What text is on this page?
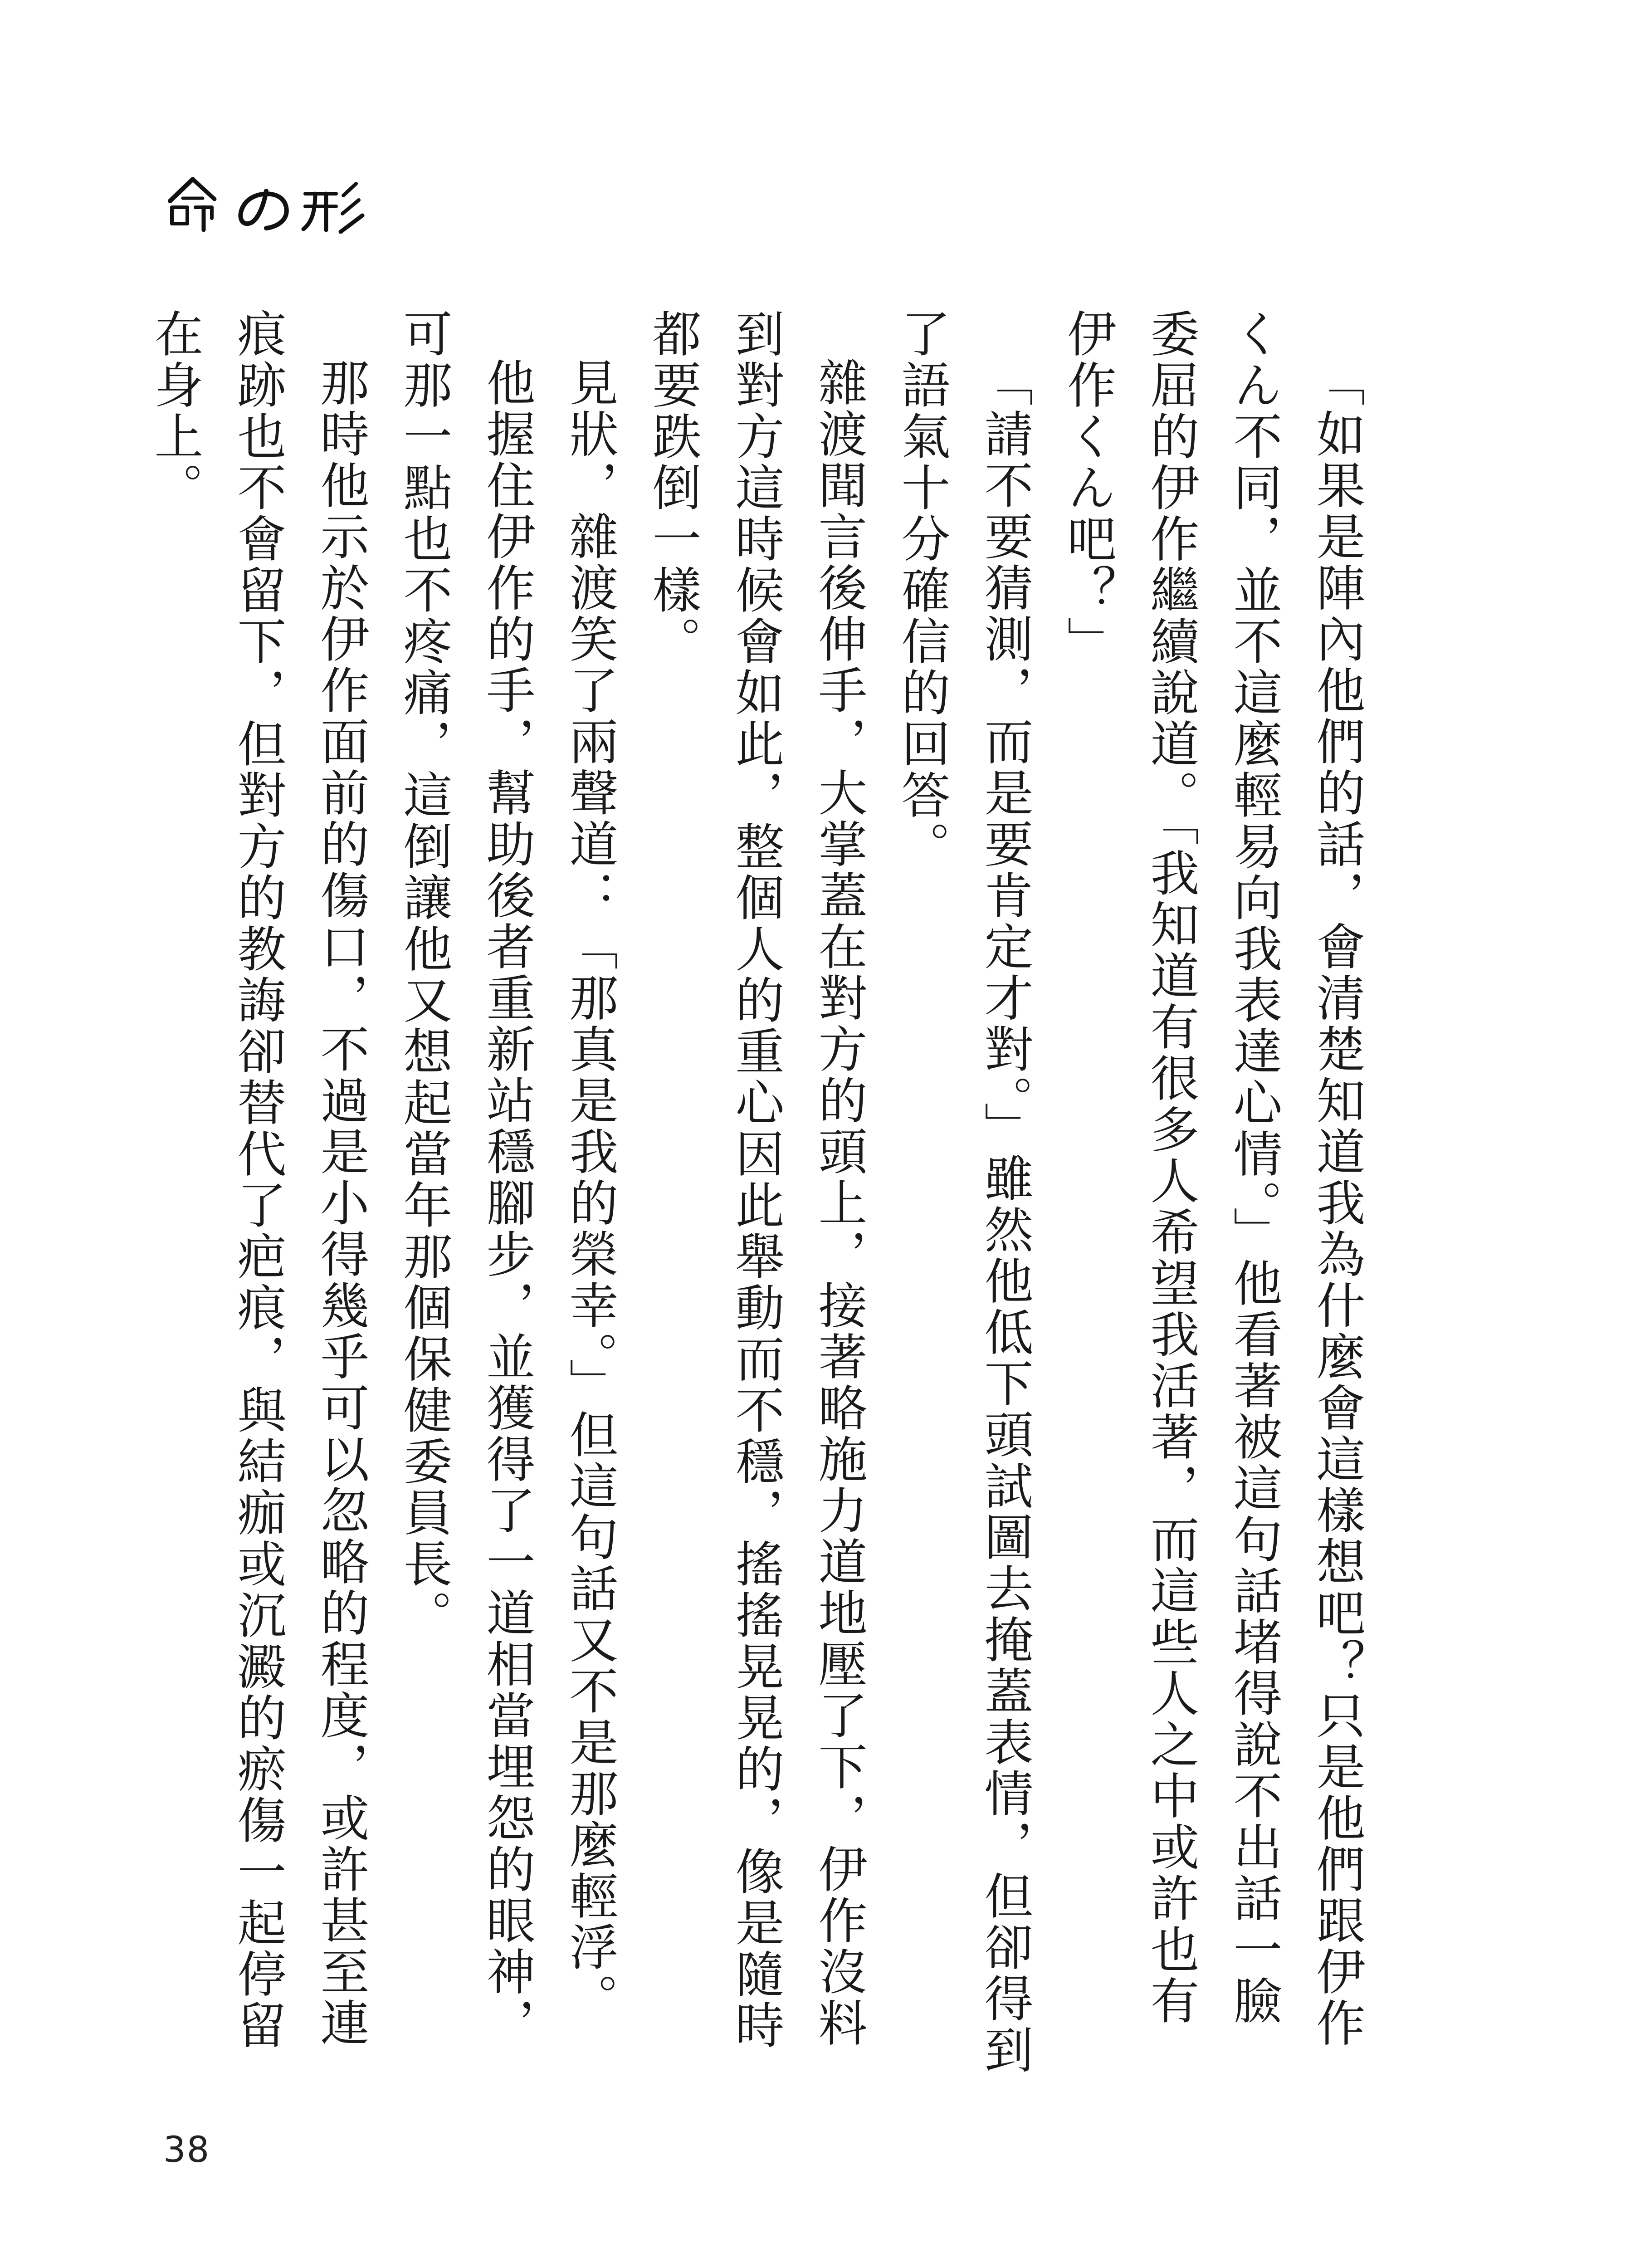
「如果是陣內他們的話，會清楚知道我為什麼會這樣想吧？只是他們跟伊作くん不同，並不這麼輕易向我表達心情。」他看著被這句話堵得說不出話一臉委屈的伊作繼續說道。「我知道有很多人希望我活著，而這些人之中或許也有伊作くん吧？」

「請不要猜測，而是要肯定才對。」雖然他低下頭試圖去掩蓋表情，但卻得到了語氣十分確信的回答。

雜渡聞言後伸手，大掌蓋在對方的頭上，接著略施力道地壓了下，伊作沒料到對方這時候會如此，整個人的重心因此舉動而不穩，搖搖晃晃的，像是隨時都要跌倒一樣。

見狀，雜渡笑了兩聲道：「那真是我的榮幸。」但這句話又不是那麼輕浮。

他握住伊作的手，幫助後者重新站穩腳步，並獲得了一道相當埋怨的眼神，可那一點也不疼痛，這倒讓他又想起當年那個保健委員長。

那時他示於伊作面前的傷口，不過是小得幾乎可以忽略的程度，或許甚至連痕跡也不會留下，但對方的教誨卻替代了疤痕，與結痂或沉澱的瘀傷一起停留在身上。

38
